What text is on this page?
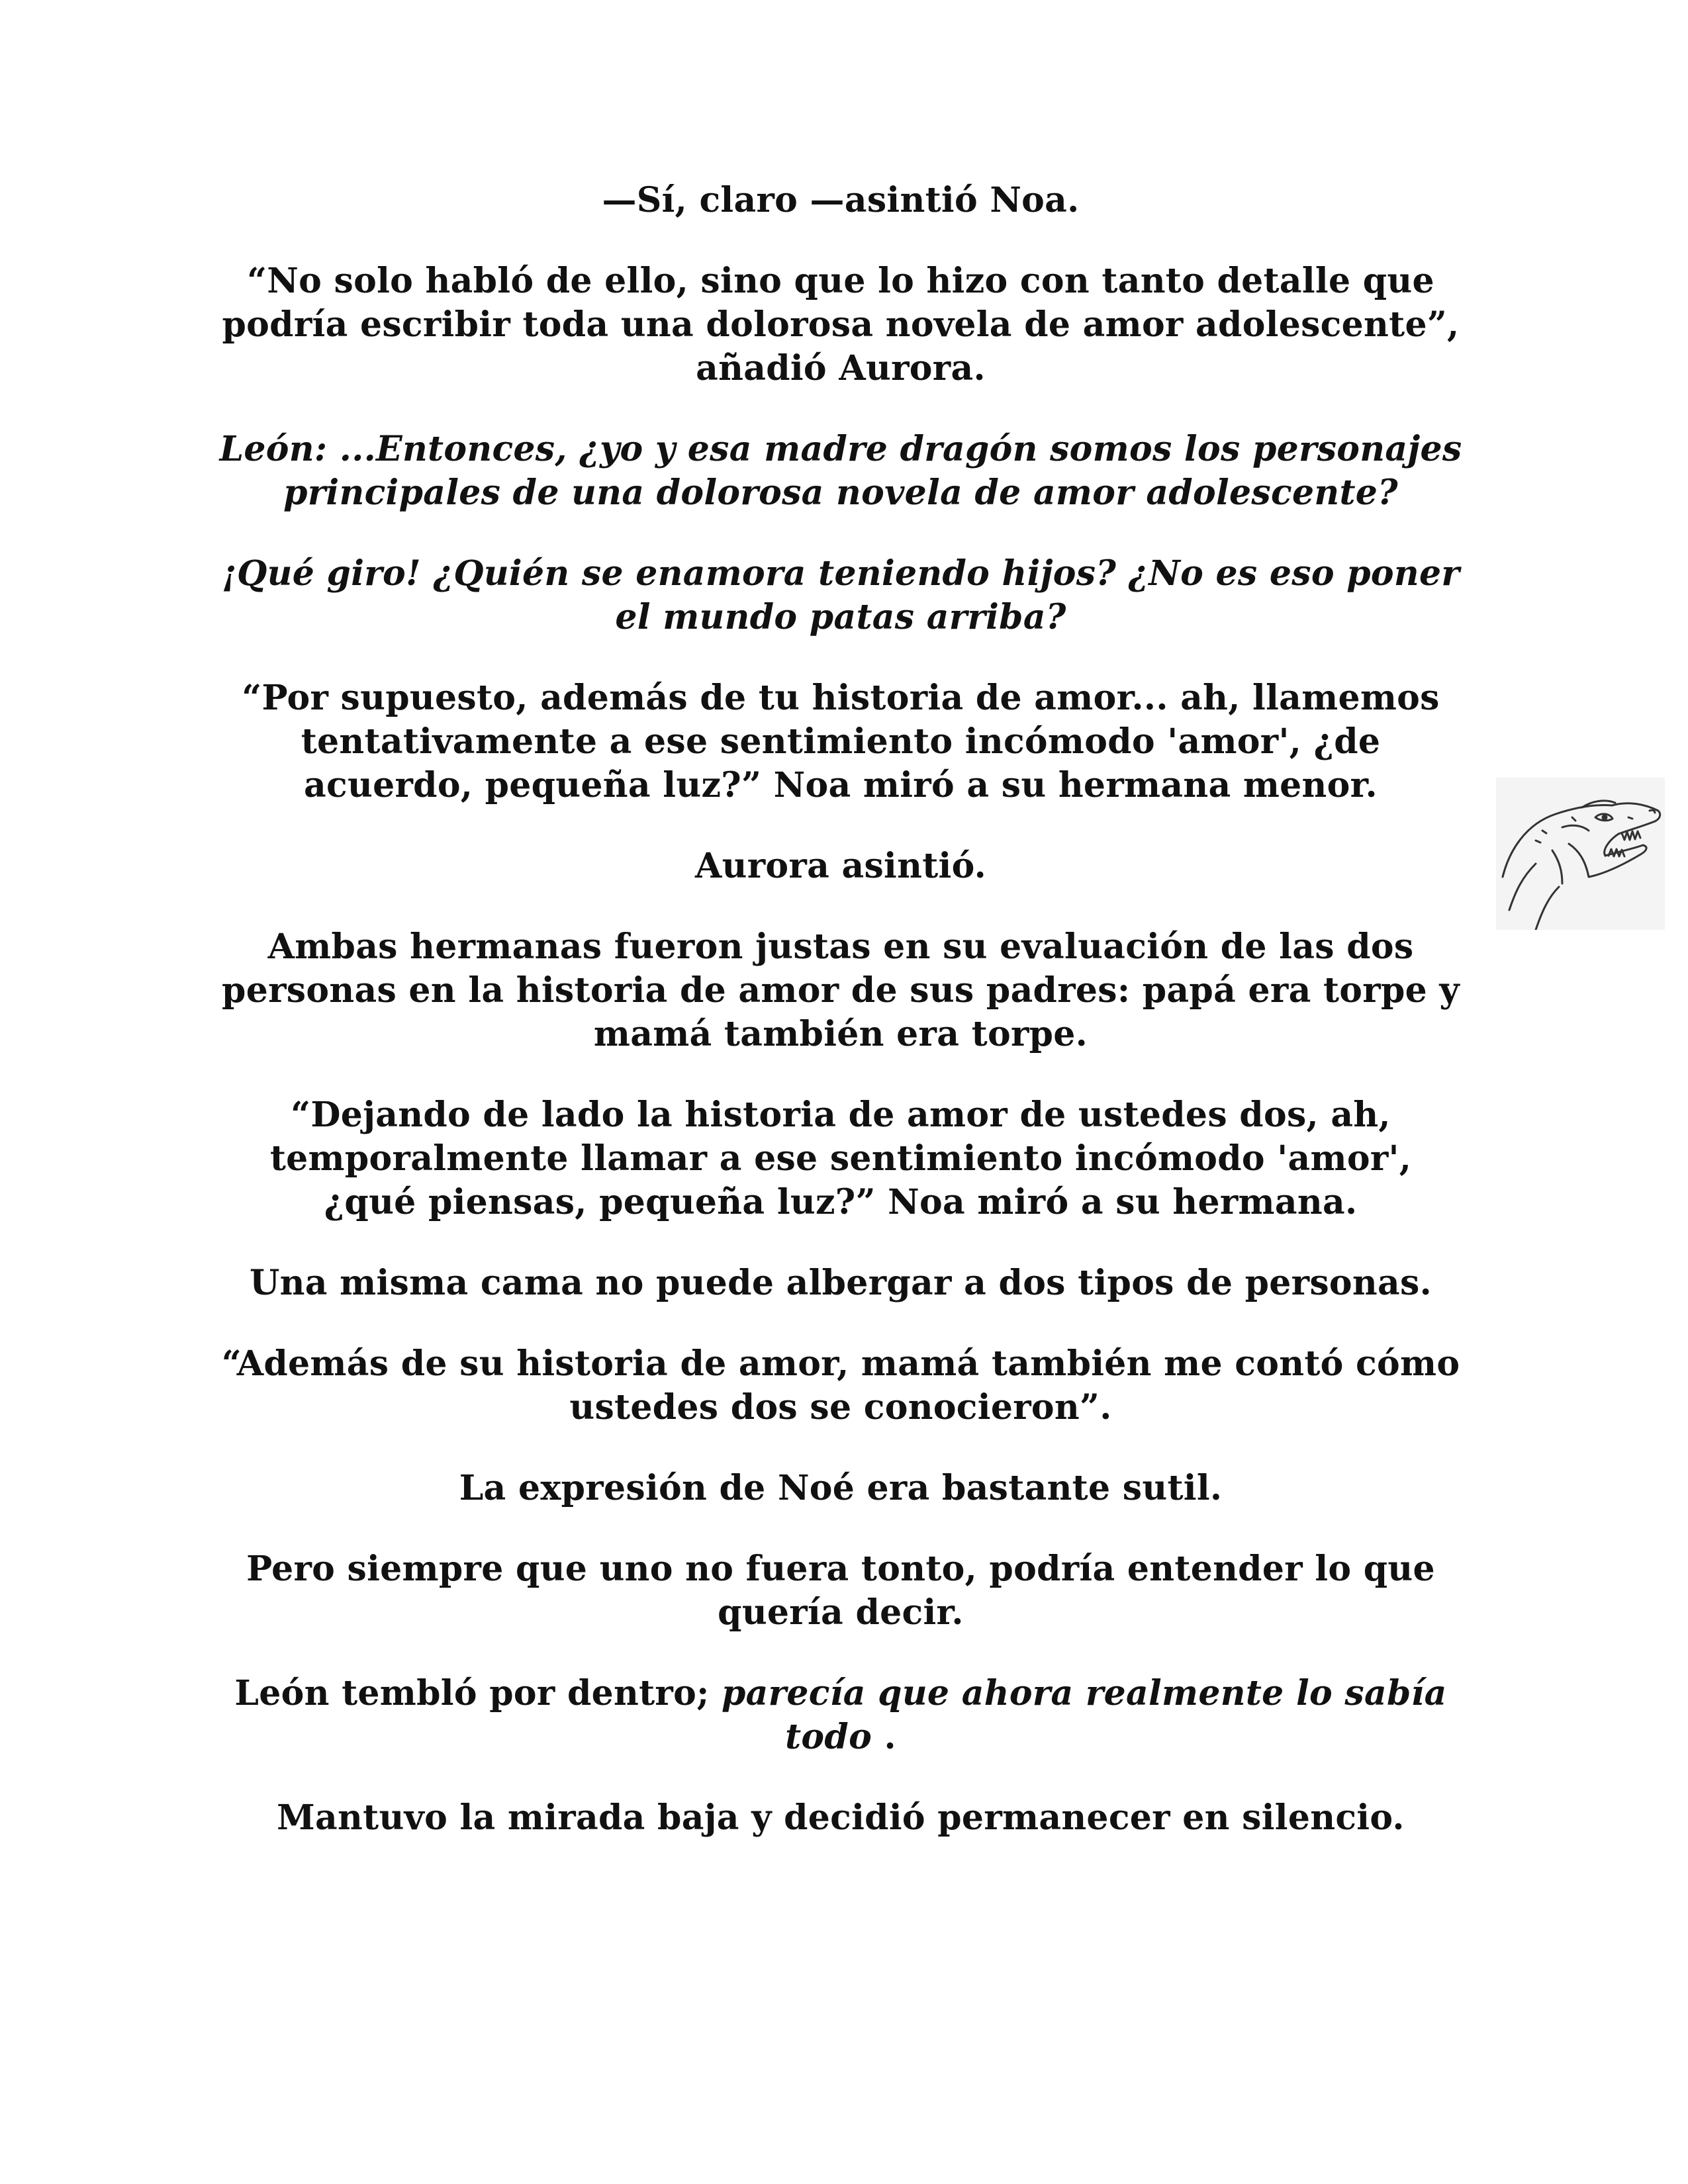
—Sí, claro —asintió Noa.

“No solo habló de ello, sino que lo hizo con tanto detalle que podría escribir toda una dolorosa novela de amor adolescente”, añadió Aurora.

León: ...Entonces, ¿yo y esa madre dragón somos los personajes principales de una dolorosa novela de amor adolescente?

¡Qué giro! ¿Quién se enamora teniendo hijos? ¿No es eso poner el mundo patas arriba?

“Por supuesto, además de tu historia de amor... ah, llamemos tentativamente a ese sentimiento incómodo 'amor', ¿de acuerdo, pequeña luz?” Noa miró a su hermana menor.

Aurora asintió.

Ambas hermanas fueron justas en su evaluación de las dos personas en la historia de amor de sus padres: papá era torpe y mamá también era torpe.

“Dejando de lado la historia de amor de ustedes dos, ah, temporalmente llamar a ese sentimiento incómodo 'amor', ¿qué piensas, pequeña luz?” Noa miró a su hermana.

Una misma cama no puede albergar a dos tipos de personas.

“Además de su historia de amor, mamá también me contó cómo ustedes dos se conocieron”.

La expresión de Noé era bastante sutil.

Pero siempre que uno no fuera tonto, podría entender lo que quería decir.

León tembló por dentro; parecía que ahora realmente lo sabía todo .

Mantuvo la mirada baja y decidió permanecer en silencio.
